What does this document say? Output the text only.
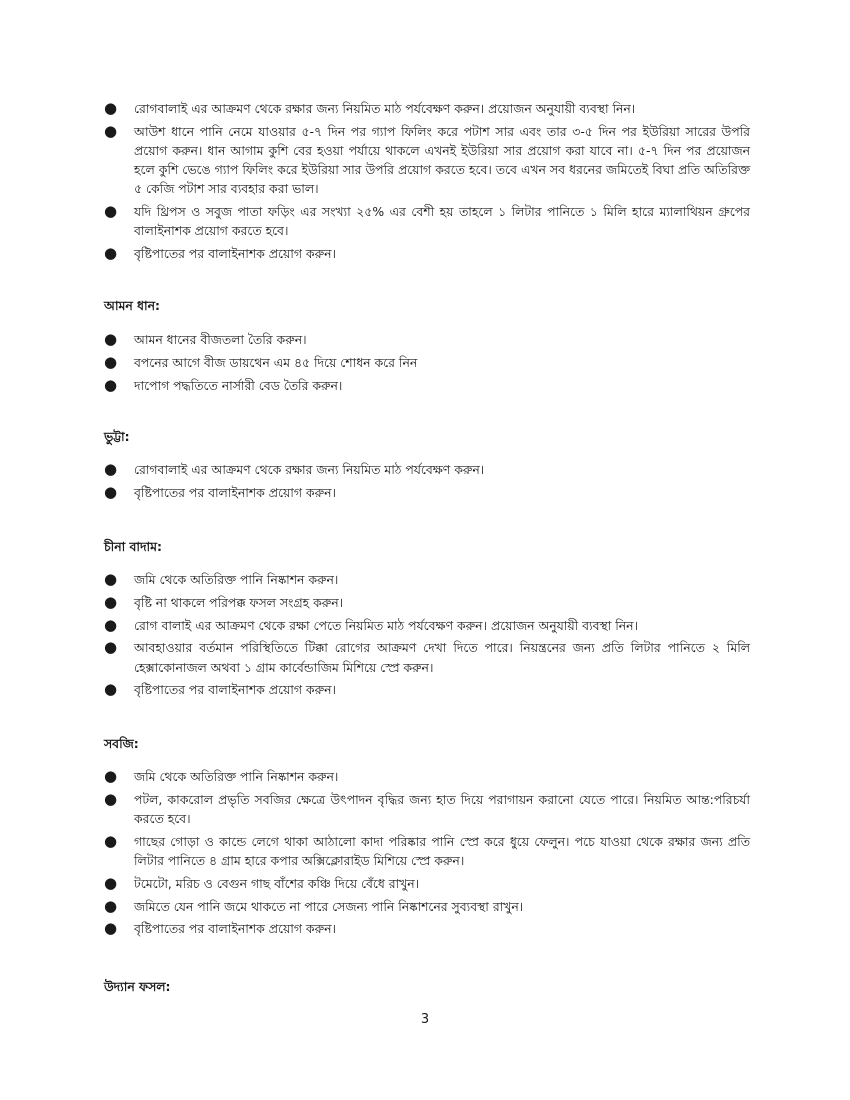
●	রোগবালাই এর আক্রমণ থেকে রক্ষার জন্য নিয়মিত মাঠ পর্যবেক্ষণ করুন। প্রয়োজন অনুযায়ী ব্যবস্থা নিন।
●	আউশ ধানে পানি নেমে যাওয়ার ৫-৭ দিন পর গ্যাপ ফিলিং করে পটাশ সার এবং তার ৩-৫ দিন পর ইউরিয়া সারের উপরি প্রয়োগ করুন। ধান আগাম কুশি বের হওয়া পর্যায়ে থাকলে এখনই ইউরিয়া সার প্রয়োগ করা যাবে না। ৫-৭ দিন পর প্রয়োজন হলে কুশি ভেঙে গ্যাপ ফিলিং করে ইউরিয়া সার উপরি প্রয়োগ করতে হবে। তবে এখন সব ধরনের জমিতেই বিঘা প্রতি অতিরিক্ত ৫ কেজি পটাশ সার ব্যবহার করা ভাল।
●	যদি থ্রিপস ও সবুজ পাতা ফড়িং এর সংখ্যা ২৫% এর বেশী হয় তাহলে ১ লিটার পানিতে ১ মিলি হারে ম্যালাথিয়ন গ্রুপের বালাইনাশক প্রয়োগ করতে হবে।
●	বৃষ্টিপাতের পর বালাইনাশক প্রয়োগ করুন।
আমন ধান:
●	আমন ধানের বীজতলা তৈরি করুন।
●	বপনের আগে বীজ ডায়থেন এম ৪৫ দিয়ে শোধন করে নিন
●	দাপোগ পদ্ধতিতে নার্সারী বেড তৈরি করুন।
ভুট্টা:
●	রোগবালাই এর আক্রমণ থেকে রক্ষার জন্য নিয়মিত মাঠ পর্যবেক্ষণ করুন।
●	বৃষ্টিপাতের পর বালাইনাশক প্রয়োগ করুন।
চীনা বাদাম:
●	জমি থেকে অতিরিক্ত পানি নিষ্কাশন করুন।
●	বৃষ্টি না থাকলে পরিপক্ক ফসল সংগ্রহ করুন।
●	রোগ বালাই এর আক্রমণ থেকে রক্ষা পেতে নিয়মিত মাঠ পর্যবেক্ষণ করুন। প্রয়োজন অনুযায়ী ব্যবস্থা নিন।
●	আবহাওয়ার বর্তমান পরিস্থিতিতে টিক্কা রোগের আক্রমণ দেখা দিতে পারে। নিয়ন্ত্রনের জন্য প্রতি লিটার পানিতে ২ মিলি হেক্সাকোনাজল অথবা ১ গ্রাম কার্বেন্ডাজিম মিশিয়ে স্প্রে করুন।
●	বৃষ্টিপাতের পর বালাইনাশক প্রয়োগ করুন।
সবজি:
●	জমি থেকে অতিরিক্ত পানি নিষ্কাশন করুন।
●	পটল, কাকরোল প্রভৃতি সবজির ক্ষেত্রে উৎপাদন বৃদ্ধির জন্য হাত দিয়ে পরাগায়ন করানো যেতে পারে। নিয়মিত আন্ত:পরিচর্যা করতে হবে।
●	গাছের গোড়া ও কান্ডে লেগে থাকা আঠালো কাদা পরিষ্কার পানি স্প্রে করে ধুয়ে ফেলুন। পচে যাওয়া থেকে রক্ষার জন্য প্রতি লিটার পানিতে ৪ গ্রাম হারে কপার অক্সিক্লোরাইড মিশিয়ে স্প্রে করুন।
●	টমেটো, মরিচ ও বেগুন গাছ বাঁশের কঞ্চি দিয়ে বেঁধে রাখুন।
●	জমিতে যেন পানি জমে থাকতে না পারে সেজন্য পানি নিষ্কাশনের সুব্যবস্থা রাখুন।
●	বৃষ্টিপাতের পর বালাইনাশক প্রয়োগ করুন।
উদ্যান ফসল:
3
